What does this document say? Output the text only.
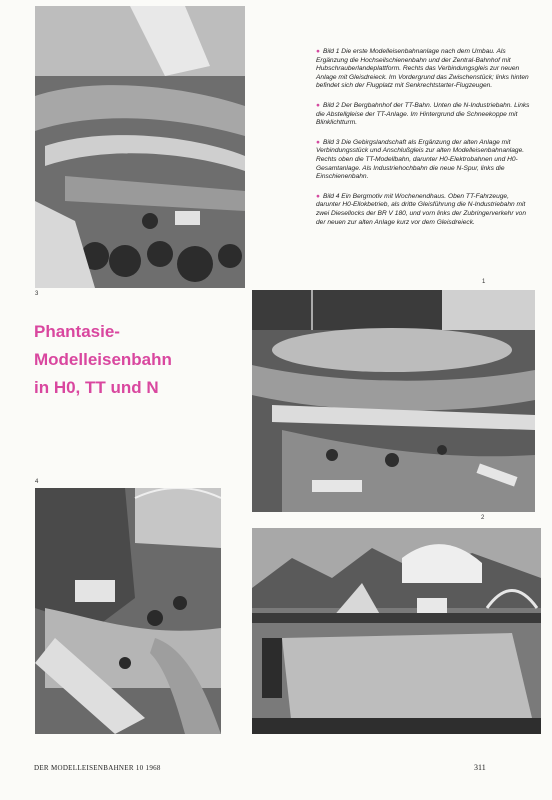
3

● Bild 1 Die erste Modelleisenbahnanlage nach dem Umbau. Als Ergänzung die Hochseilschienenbahn und der Zentral-Bahnhof mit Hubschrauberlandeplattform. Rechts das Verbindungsgleis zur neuen Anlage mit Gleisdreieck. Im Vordergrund das Zwischenstück; links hinten befindet sich der Flugplatz mit Senkrechtstarter-Flugzeugen.

● Bild 2 Der Bergbahnhof der TT-Bahn. Unten die N-Industriebahn. Links die Abstellgleise der TT-Anlage. Im Hintergrund die Schneekoppe mit Blinklichtturm.

● Bild 3 Die Gebirgslandschaft als Ergänzung der alten Anlage mit Verbindungsstück und Anschlußgleis zur alten Modelleisenbahnanlage. Rechts oben die TT-Modellbahn, darunter H0-Elektrobahnen und H0-Gesamtanlage. Als Industriehochbahn die neue N-Spur, links die Einschienenbahn.

● Bild 4 Ein Bergmotiv mit Wochenendhaus. Oben TT-Fahrzeuge, darunter H0-Ellokbetrieb, als dritte Gleisführung die N-Industriebahn mit zwei Diesellocks der BR V 180, und vorn links der Zubringerverkehr von der neuen zur alten Anlage kurz vor dem Gleisdreieck.

1
Phantasie-
Modelleisenbahn
in H0, TT und N
2
4
DER MODELLEISENBAHNER 10 1968	311
